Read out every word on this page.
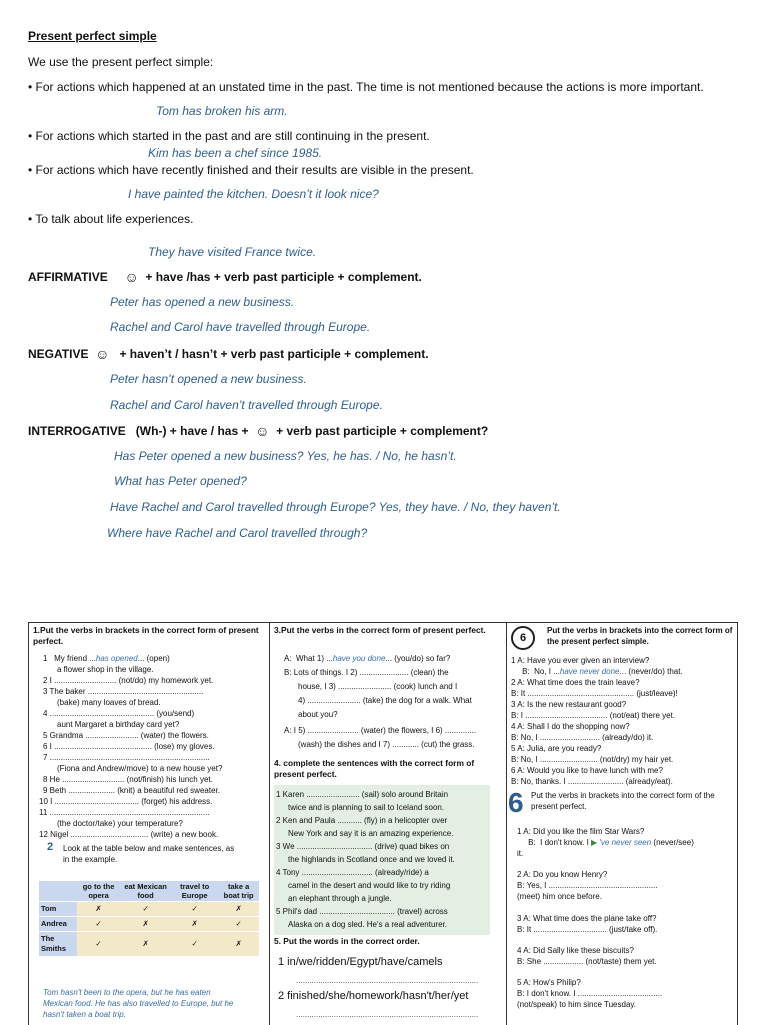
Present perfect simple
We use the present perfect simple:
• For actions which happened at an unstated time in the past. The time is not mentioned because the actions is more important.
Tom has broken his arm.
• For actions which started in the past and are still continuing in the present.
Kim has been a chef since 1985.
• For actions which have recently finished and their results are visible in the present.
I have painted the kitchen. Doesn’t it look nice?
• To talk about life experiences.
They have visited France twice.
AFFIRMATIVE ☺ + have /has + verb past participle + complement.
Peter has opened a new business.
Rachel and Carol have travelled through Europe.
NEGATIVE ☺ + haven’t / hasn’t + verb past participle + complement.
Peter hasn’t opened a new business.
Rachel and Carol haven’t travelled through Europe.
INTERROGATIVE (Wh-) + have / has + ☺ + verb past participle + complement?
Has Peter opened a new business? Yes, he has. / No, he hasn’t.
What has Peter opened?
Have Rachel and Carol travelled through Europe? Yes, they have. / No, they haven’t.
Where have Rachel and Carol travelled through?
1.Put the verbs in brackets in the correct form of present perfect.
1   My friend ...has opened... (open)
a flower shop in the village.
2 I ............................ (not/do) my homework yet.
3 The baker ....................................................
(bake) many loaves of bread.
4 ............................................... (you/send)
aunt Margaret a birthday card yet?
5 Grandma ........................ (water) the flowers.
6 I ............................................ (lose) my gloves.
7 ........................................................................
(Fiona and Andrew/move) to a new house yet?
8 He ............................ (not/finish) his lunch yet.
9 Beth ..................... (knit) a beautiful red sweater.
10 I ...................................... (forget) his address.
11 ........................................................................
(the doctor/take) your temperature?
12 Nigel ................................... (write) a new book.
2 Look at the table below and make sentences, as
in the example.
	go to the opera	eat Mexican food	travel to Europe	take a boat trip
Tom	✗	✓	✓	✗
Andrea	✓	✗	✗	✓
The Smiths	✓	✗	✓	✗
Tom hasn't been to the opera, but he has eaten
Mexican food. He has also travelled to Europe, but he
hasn't taken a boat trip.
3.Put the verbs in the correct form of present perfect.
A:  What 1) ...have you done... (you/do) so far?
B: Lots of things. I 2) ...................... (clean) the
house, I 3) ........................ (cook) lunch and I
4) ........................ (take) the dog for a walk. What
about you?
A: I 5) ....................... (water) the flowers, I 6) ..............
(wash) the dishes and I 7) ............ (cut) the grass.
4. complete the sentences with the correct form of present perfect.
1 Karen ........................ (sail) solo around Britain
twice and is planning to sail to Iceland soon.
2 Ken and Paula ........... (fly) in a helicopter over
New York and say it is an amazing experience.
3 We .................................. (drive) quad bikes on
the highlands in Scotland once and we loved it.
4 Tony ................................ (already/ride) a
camel in the desert and would like to try riding
an elephant through a jungle.
5 Phil's dad .................................. (travel) across
Alaska on a dog sled. He's a real adventurer.
5. Put the words in the correct order.
1 in/we/ridden/Egypt/have/camels
..................................................................................
2 finished/she/homework/hasn't/her/yet
..................................................................................
6
Put the verbs in brackets into the correct form of the present perfect simple.
1 A: Have you ever given an interview?
B:  No, I ...have never done... (never/do) that.
2 A: What time does the train leave?
B: It ................................................ (just/leave)!
3 A: Is the new restaurant good?
B: I ..................................... (not/eat) there yet.
4 A: Shall I do the shopping now?
B: No, I ........................... (already/do) it.
5 A: Julia, are you ready?
B: No, I .......................... (not/dry) my hair yet.
6 A: Would you like to have lunch with me?
B: No, thanks. I ......................... (already/eat).
6 Put the verbs in brackets into the correct form of the present perfect.
1 A: Did you like the film Star Wars?
B:  I don't know. I ▶ 've never seen (never/see)
it.
2 A: Do you know Henry?
B: Yes, I .................................................
(meet) him once before.
3 A: What time does the plane take off?
B: It ................................. (just/take off).
4 A: Did Sally like these biscuits?
B: She .................. (not/taste) them yet.
5 A: How's Philip?
B: I don't know. I ......................................
(not/speak) to him since Tuesday.
